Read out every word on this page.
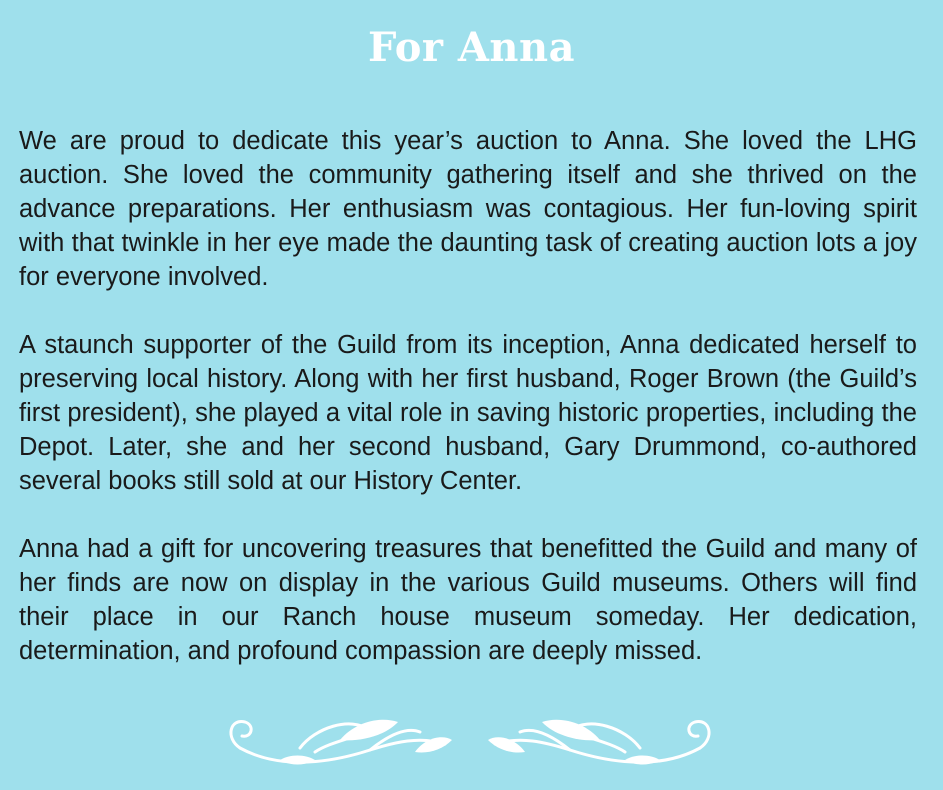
For Anna

We are proud to dedicate this year’s auction to Anna. She loved the LHG auction. She loved the community gathering itself and she thrived on the advance preparations. Her enthusiasm was contagious. Her fun-loving spirit with that twinkle in her eye made the daunting task of creating auction lots a joy for everyone involved.

A staunch supporter of the Guild from its inception, Anna dedicated herself to preserving local history. Along with her first husband, Roger Brown (the Guild’s first president), she played a vital role in saving historic properties, including the Depot. Later, she and her second husband, Gary Drummond, co-authored several books still sold at our History Center.

Anna had a gift for uncovering treasures that benefitted the Guild and many of her finds are now on display in the various Guild museums. Others will find their place in our Ranch house museum someday. Her dedication, determination, and profound compassion are deeply missed.
